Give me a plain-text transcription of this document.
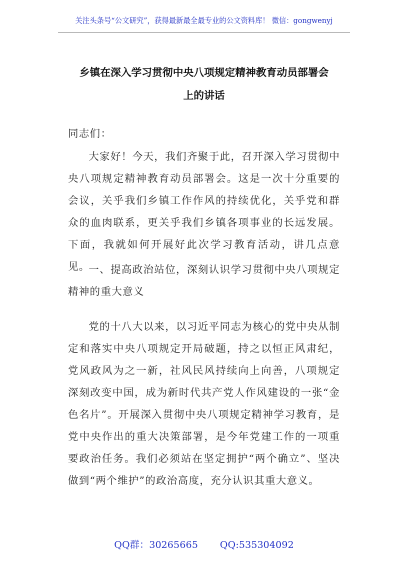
关注头条号“公文研究”，获得最新最全最专业的公文资料库！ 微信：gongwenyj
乡镇在深入学习贯彻中央八项规定精神教育动员部署会上的讲话
同志们：
大家好！今天，我们齐聚于此，召开深入学习贯彻中央八项规定精神教育动员部署会。这是一次十分重要的会议，关乎我们乡镇工作作风的持续优化，关乎党和群众的血肉联系，更关乎我们乡镇各项事业的长远发展。下面，我就如何开展好此次学习教育活动，讲几点意见。
一、提高政治站位，深刻认识学习贯彻中央八项规定精神的重大意义
党的十八大以来，以习近平同志为核心的党中央从制定和落实中央八项规定开局破题，持之以恒正风肃纪，党风政风为之一新，社风民风持续向上向善，八项规定深刻改变中国，成为新时代共产党人作风建设的一张“金色名片”。开展深入贯彻中央八项规定精神学习教育，是党中央作出的重大决策部署，是今年党建工作的一项重要政治任务。我们必须站在坚定拥护“两个确立”、坚决做到“两个维护”的政治高度，充分认识其重大意义。
QQ群：30265665 QQ:535304092
